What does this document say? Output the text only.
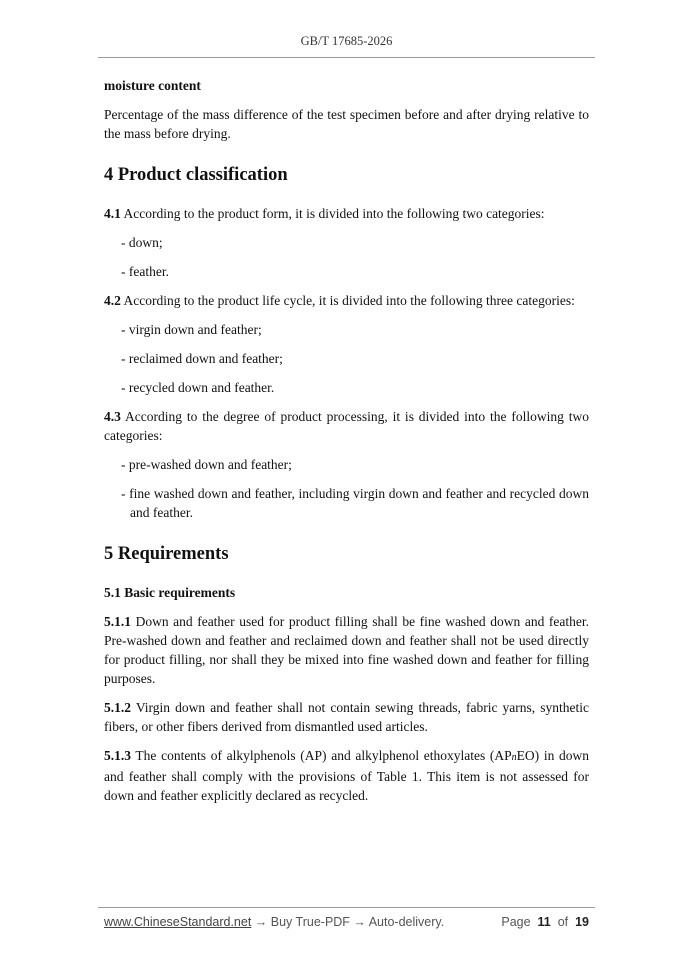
GB/T 17685-2026

moisture content

Percentage of the mass difference of the test specimen before and after drying relative to the mass before drying.

4 Product classification

4.1 According to the product form, it is divided into the following two categories:

- down;

- feather.

4.2 According to the product life cycle, it is divided into the following three categories:

- virgin down and feather;

- reclaimed down and feather;

- recycled down and feather.

4.3 According to the degree of product processing, it is divided into the following two categories:

- pre-washed down and feather;

- fine washed down and feather, including virgin down and feather and recycled down and feather.

5 Requirements

5.1 Basic requirements

5.1.1 Down and feather used for product filling shall be fine washed down and feather. Pre-washed down and feather and reclaimed down and feather shall not be used directly for product filling, nor shall they be mixed into fine washed down and feather for filling purposes.

5.1.2 Virgin down and feather shall not contain sewing threads, fabric yarns, synthetic fibers, or other fibers derived from dismantled used articles.

5.1.3 The contents of alkylphenols (AP) and alkylphenol ethoxylates (APnEO) in down and feather shall comply with the provisions of Table 1. This item is not assessed for down and feather explicitly declared as recycled.

www.ChineseStandard.net → Buy True-PDF → Auto-delivery.	Page 11 of 19
